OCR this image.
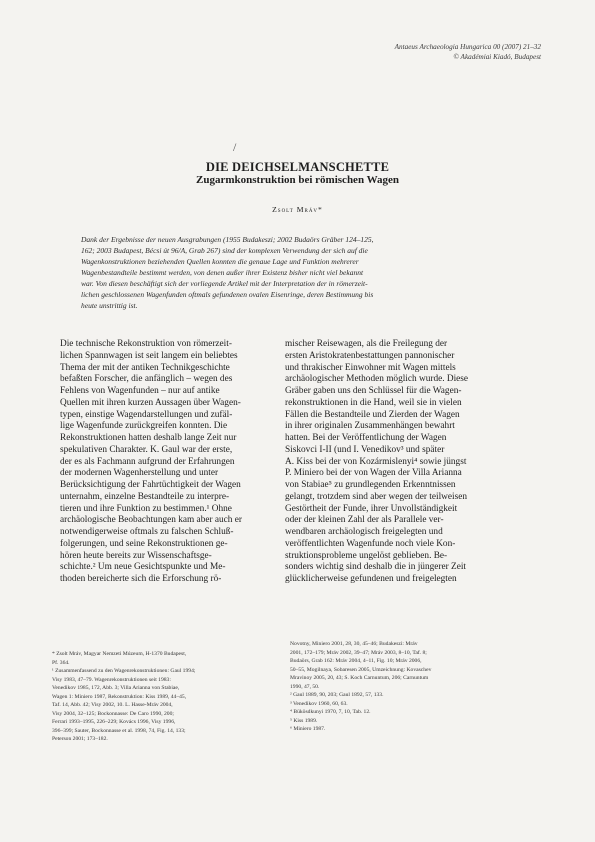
Antaeus Archaeologia Hungarica 00 (2007) 21–32
© Akadémiai Kiadó, Budapest
/
DIE DEICHSELMANSCHETTE
Zugarmkonstruktion bei römischen Wagen
Zsolt Mráv*
Dank der Ergebnisse der neuen Ausgrabungen (1955 Budakeszi; 2002 Budaörs Gräber 124–125,
162; 2003 Budapest, Bécsi út 96/A, Grab 267) sind der komplexen Verwendung der sich auf die
Wagenkonstruktionen beziehenden Quellen konnten die genaue Lage und Funktion mehrerer
Wagenbestandteile bestimmt werden, von denen außer ihrer Existenz bisher nicht viel bekannt
war. Von diesen beschäftigt sich der vorliegende Artikel mit der Interpretation der in römerzeit-
lichen geschlossenen Wagenfunden oftmals gefundenen ovalen Eisenringe, deren Bestimmung bis
heute unstrittig ist.
Die technische Rekonstruktion von römerzeit-
lichen Spannwagen ist seit langem ein beliebtes
Thema der mit der antiken Technikgeschichte
befaßten Forscher, die anfänglich – wegen des
Fehlens von Wagenfunden – nur auf antike
Quellen mit ihren kurzen Aussagen über Wagen-
typen, einstige Wagendarstellungen und zufäl-
lige Wagenfunde zurückgreifen konnten. Die
Rekonstruktionen hatten deshalb lange Zeit nur
spekulativen Charakter. K. Gaul war der erste,
der es als Fachmann aufgrund der Erfahrungen
der modernen Wagenherstellung und unter
Berücksichtigung der Fahrtüchtigkeit der Wagen
unternahm, einzelne Bestandteile zu interpre-
tieren und ihre Funktion zu bestimmen.¹ Ohne
archäologische Beobachtungen kam aber auch er
notwendigerweise oftmals zu falschen Schluß-
folgerungen, und seine Rekonstruktionen ge-
hören heute bereits zur Wissenschaftsge-
schichte.² Um neue Gesichtspunkte und Me-
thoden bereicherte sich die Erforschung rö-
mischer Reisewagen, als die Freilegung der
ersten Aristokratenbestattungen pannonischer
und thrakischer Einwohner mit Wagen mittels
archäologischer Methoden möglich wurde. Diese
Gräber gaben uns den Schlüssel für die Wagen-
rekonstruktionen in die Hand, weil sie in vielen
Fällen die Bestandteile und Zierden der Wagen
in ihrer originalen Zusammenhängen bewahrt
hatten. Bei der Veröffentlichung der Wagen
Siskovci I-II (und I. Venedikov³ und später
A. Kiss bei der von Kozármislenyi⁴ sowie jüngst
P. Miniero bei der von Wagen der Villa Arianna
von Stabiae⁵ zu grundlegenden Erkenntnissen
gelangt, trotzdem sind aber wegen der teilweisen
Gestörtheit der Funde, ihrer Unvollständigkeit
oder der kleinen Zahl der als Parallele ver-
wendbaren archäologisch freigelegten und
veröffentlichten Wagenfunde noch viele Kon-
struktionsprobleme ungelöst geblieben. Be-
sonders wichtig sind deshalb die in jüngerer Zeit
glücklicherweise gefundenen und freigelegten
* Zsolt Mráv, Magyar Nemzeti Múzeum, H-1370 Budapest,
Pf. 364.
¹ Zusammenfassend zu den Wagenrekonstruktionen: Gaul 1994;
Visy 1983, 47–79. Wagenrekonstruktionen seit 1983:
Venedikov 1985, 172, Abb. 3; Villa Arianna von Stabiae,
Wagen 1: Miniero 1987, Rekonstruktion: Kiss 1989, 44–45,
Taf. 14, Abb. 42; Visy 2002, 10. L. Hasse-Mráv 2004,
Visy 2004, 32–125; Bockonnasse: De Caro 1990, 200;
Ferrari 1993–1995, 226–229; Kovács 1996, Visy 1996,
396–399; Sauter, Bockonnasse et al. 1998, 74, Fig. 14, 133;
Peterson 2001; 173–182.
Novotny, Miniero 2001, 28, 30, 45–46; Budakeszi: Mráv
2001, 172–179; Mráv 2002, 39–47; Mráv 2003, 8–10, Taf. 8;
Budaörs, Grab 162: Mráv 2004, 4–11, Fig. 10; Mráv 2006,
50–55, Mogilnaya, Sobaresen 2005, Umzeichnung: Kovaschev
Mravinoy 2005, 20, 43; S. Koch Carnuntum, 206; Carnuntum
1990, 47, 50.
² Gaul 1889, 90, 203; Gaul 1892, 57, 133.
³ Venedikov 1960, 60, 63.
⁴ Bükösdkunyi 1970, 7, 10, Tab. 12.
⁵ Kiss 1989.
⁶ Miniero 1987.
